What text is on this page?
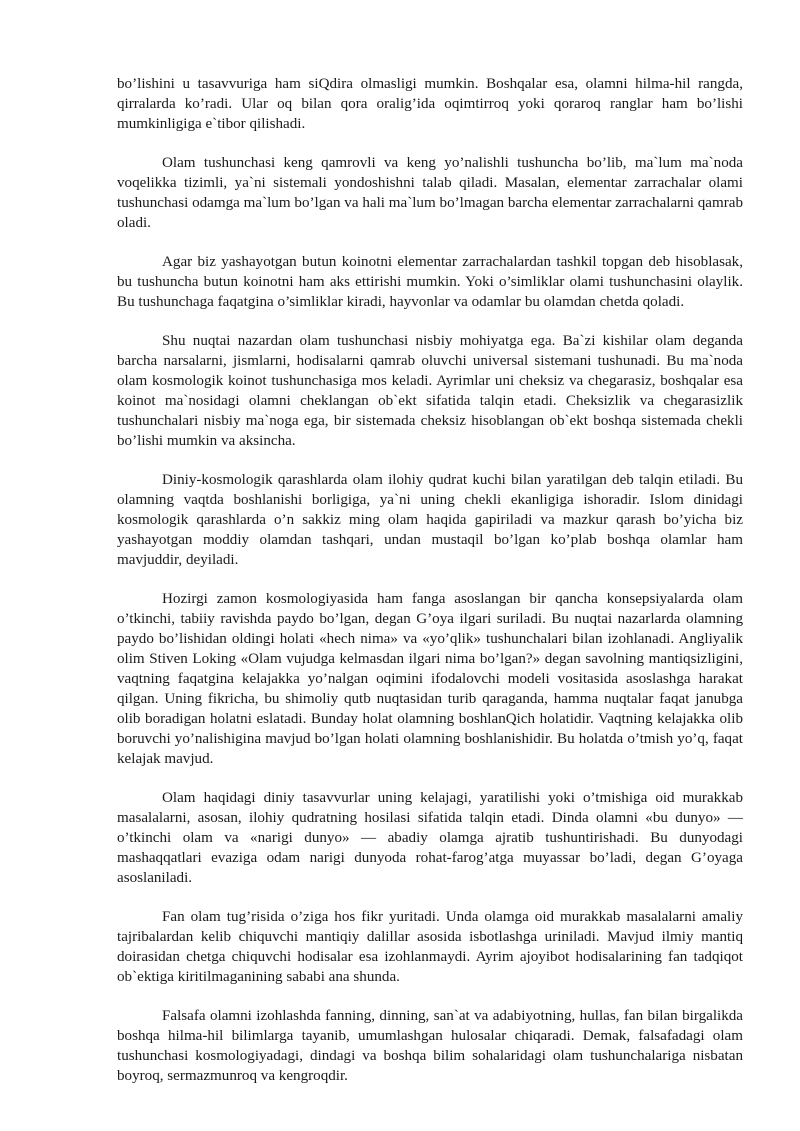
bo’lishini u tasavvuriga ham siQdira olmasligi mumkin. Boshqalar esa, olamni hilma-hil rangda, qirralarda ko’radi. Ular oq bilan qora oralig’ida oqimtirroq yoki qoraroq ranglar ham bo’lishi mumkinligiga e`tibor qilishadi.

Olam tushunchasi keng qamrovli va keng yo’nalishli tushuncha bo’lib, ma`lum ma`noda voqelikka tizimli, ya`ni sistemali yondoshishni talab qiladi. Masalan, elementar zarrachalar olami tushunchasi odamga ma`lum bo’lgan va hali ma`lum bo’lmagan barcha elementar zarrachalarni qamrab oladi.

Agar biz yashayotgan butun koinotni elementar zarrachalardan tashkil topgan deb hisoblasak, bu tushuncha butun koinotni ham aks ettirishi mumkin. Yoki o’simliklar olami tushunchasini olaylik. Bu tushunchaga faqatgina o’simliklar kiradi, hayvonlar va odamlar bu olamdan chetda qoladi.

Shu nuqtai nazardan olam tushunchasi nisbiy mohiyatga ega. Ba`zi kishilar olam deganda barcha narsalarni, jismlarni, hodisalarni qamrab oluvchi universal sistemani tushunadi. Bu ma`noda olam kosmologik koinot tushunchasiga mos keladi. Ayrimlar uni cheksiz va chegarasiz, boshqalar esa koinot ma`nosidagi olamni cheklangan ob`ekt sifatida talqin etadi. Cheksizlik va chegarasizlik tushunchalari nisbiy ma`noga ega, bir sistemada cheksiz hisoblangan ob`ekt boshqa sistemada chekli bo’lishi mumkin va aksincha.

Diniy-kosmologik qarashlarda olam ilohiy qudrat kuchi bilan yaratilgan deb talqin etiladi. Bu olamning vaqtda boshlanishi borligiga, ya`ni uning chekli ekanligiga ishoradir. Islom dinidagi kosmologik qarashlarda o’n sakkiz ming olam haqida gapiriladi va mazkur qarash bo’yicha biz yashayotgan moddiy olamdan tashqari, undan mustaqil bo’lgan ko’plab boshqa olamlar ham mavjuddir, deyiladi.

Hozirgi zamon kosmologiyasida ham fanga asoslangan bir qancha konsepsiyalarda olam o’tkinchi, tabiiy ravishda paydo bo’lgan, degan G’oya ilgari suriladi. Bu nuqtai nazarlarda olamning paydo bo’lishidan oldingi holati «hech nima» va «yo’qlik» tushunchalari bilan izohlanadi. Angliyalik olim Stiven Loking «Olam vujudga kelmasdan ilgari nima bo’lgan?» degan savolning mantiqsizligini, vaqtning faqatgina kelajakka yo’nalgan oqimini ifodalovchi modeli vositasida asoslashga harakat qilgan. Uning fikricha, bu shimoliy qutb nuqtasidan turib qaraganda, hamma nuqtalar faqat janubga olib boradigan holatni eslatadi. Bunday holat olamning boshlanQich holatidir. Vaqtning kelajakka olib boruvchi yo’nalishigina mavjud bo’lgan holati olamning boshlanishidir. Bu holatda o’tmish yo’q, faqat kelajak mavjud.

Olam haqidagi diniy tasavvurlar uning kelajagi, yaratilishi yoki o’tmishiga oid murakkab masalalarni, asosan, ilohiy qudratning hosilasi sifatida talqin etadi. Dinda olamni «bu dunyo» — o’tkinchi olam va «narigi dunyo» — abadiy olamga ajratib tushuntirishadi. Bu dunyodagi mashaqqatlari evaziga odam narigi dunyoda rohat-farog’atga muyassar bo’ladi, degan G’oyaga asoslaniladi.

Fan olam tug’risida o’ziga hos fikr yuritadi. Unda olamga oid murakkab masalalarni amaliy tajribalardan kelib chiquvchi mantiqiy dalillar asosida isbotlashga uriniladi. Mavjud ilmiy mantiq doirasidan chetga chiquvchi hodisalar esa izohlanmaydi. Ayrim ajoyibot hodisalarining fan tadqiqot ob`ektiga kiritilmaganining sababi ana shunda.

Falsafa olamni izohlashda fanning, dinning, san`at va adabiyotning, hullas, fan bilan birgalikda boshqa hilma-hil bilimlarga tayanib, umumlashgan hulosalar chiqaradi. Demak, falsafadagi olam tushunchasi kosmologiyadagi, dindagi va boshqa bilim sohalaridagi olam tushunchalariga nisbatan boyroq, sermazmunroq va kengroqdir.
